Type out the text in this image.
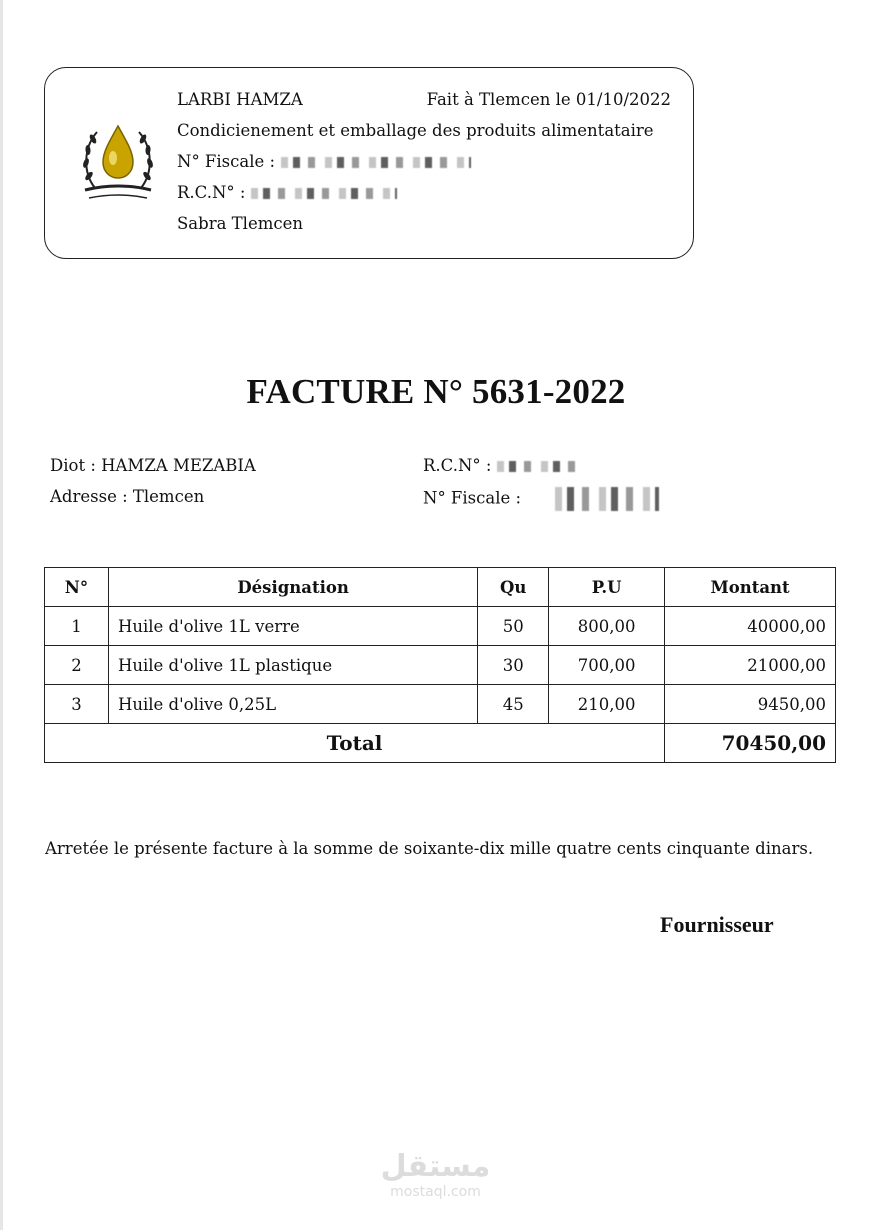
LARBI HAMZA	Fait à Tlemcen le 01/10/2022
Condicienement et emballage des produits alimentataire
N° Fiscale :
R.C.N° :
Sabra Tlemcen
FACTURE N° 5631-2022
Diot : HAMZA MEZABIA
Adresse : Tlemcen
R.C.N° :
N° Fiscale :
N°	Désignation	Qu	P.U	Montant
1	Huile d'olive 1L verre	50	800,00	40000,00
2	Huile d'olive 1L plastique	30	700,00	21000,00
3	Huile d'olive 0,25L	45	210,00	9450,00
Total				70450,00
Arretée le présente facture à la somme de soixante-dix mille quatre cents cinquante dinars.
Fournisseur
مستقل
mostaql.com
